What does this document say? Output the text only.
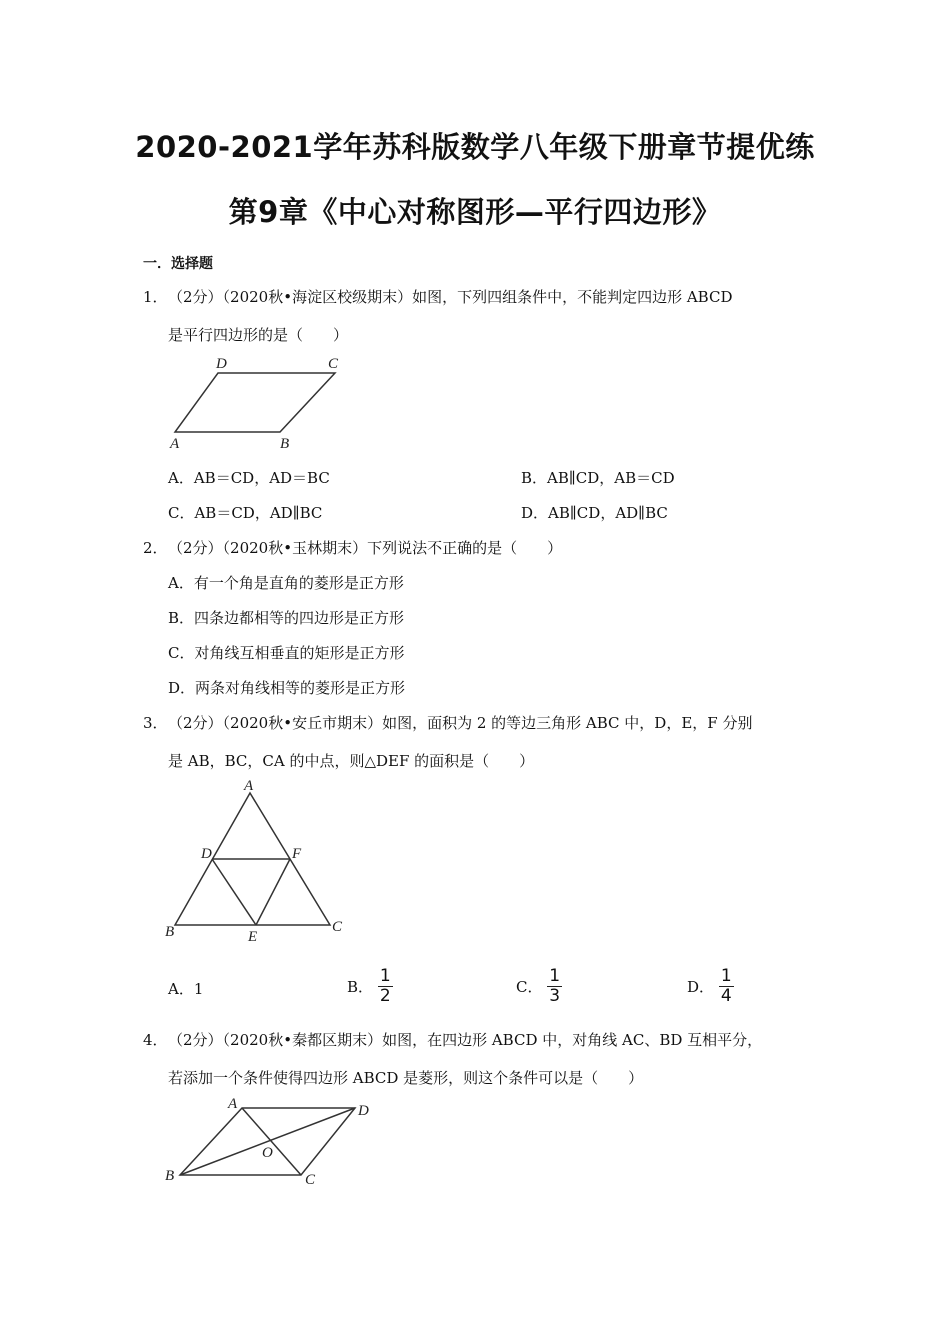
2020-2021学年苏科版数学八年级下册章节提优练
第9章《中心对称图形—平行四边形》
一．选择题
1． （2分）（2020秋•海淀区校级期末）如图，下列四组条件中，不能判定四边形 ABCD
是平行四边形的是（　　）
D	C
A	B
A．AB＝CD，AD＝BC	B．AB∥CD，AB＝CD
C．AB＝CD，AD∥BC	D．AB∥CD，AD∥BC
2． （2分）（2020秋•玉林期末）下列说法不正确的是（　　）
A．有一个角是直角的菱形是正方形
B．四条边都相等的四边形是正方形
C．对角线互相垂直的矩形是正方形
D．两条对角线相等的菱形是正方形
3． （2分）（2020秋•安丘市期末）如图，面积为 2 的等边三角形 ABC 中，D，E，F 分别
是 AB，BC，CA 的中点，则△DEF 的面积是（　　）
A
D	F
B	E
C
A．1	B． $\frac{1}{2}$	C． $\frac{1}{3}$	D． $\frac{1}{4}$
4． （2分）（2020秋•秦都区期末）如图，在四边形 ABCD 中，对角线 AC、BD 互相平分，
若添加一个条件使得四边形 ABCD 是菱形，则这个条件可以是（　　）
A	D
O
B	C
